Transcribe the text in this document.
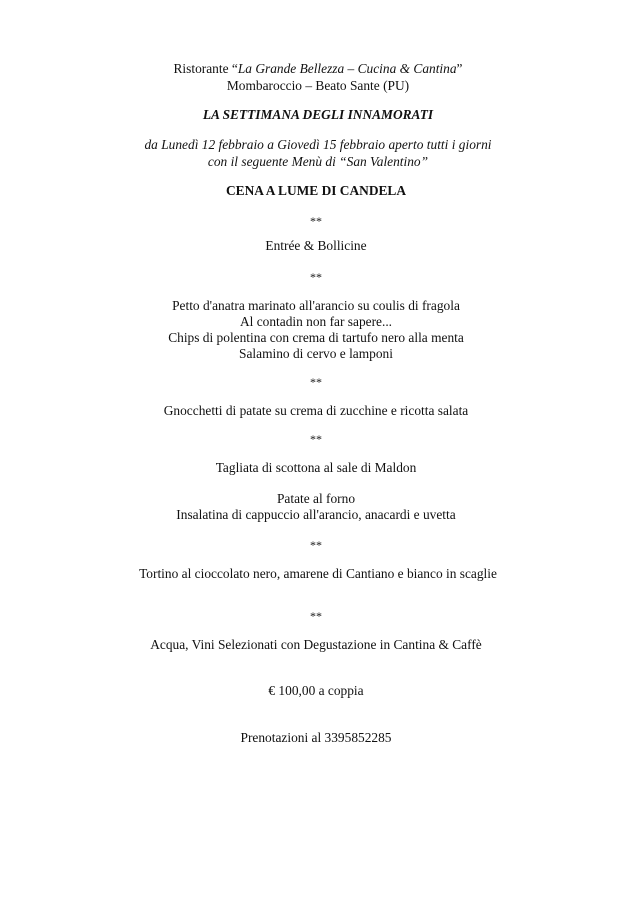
Ristorante “La Grande Bellezza – Cucina & Cantina”
Mombaroccio – Beato Sante (PU)
LA SETTIMANA DEGLI INNAMORATI
da Lunedì 12 febbraio a Giovedì 15 febbraio aperto tutti i giorni
con il seguente Menù di “San Valentino”
CENA A LUME DI CANDELA
**
Entrée & Bollicine
**
Petto d'anatra marinato all'arancio su coulis di fragola
Al contadin non far sapere...
Chips di polentina con crema di tartufo nero alla menta
Salamino di cervo e lamponi
**
Gnocchetti di patate su crema di zucchine e ricotta salata
**
Tagliata di scottona al sale di Maldon
Patate al forno
Insalatina di cappuccio all'arancio, anacardi e uvetta
**
Tortino al cioccolato nero, amarene di Cantiano e bianco in scaglie
**
Acqua, Vini Selezionati con Degustazione in Cantina & Caffè
€ 100,00 a coppia
Prenotazioni al 3395852285
